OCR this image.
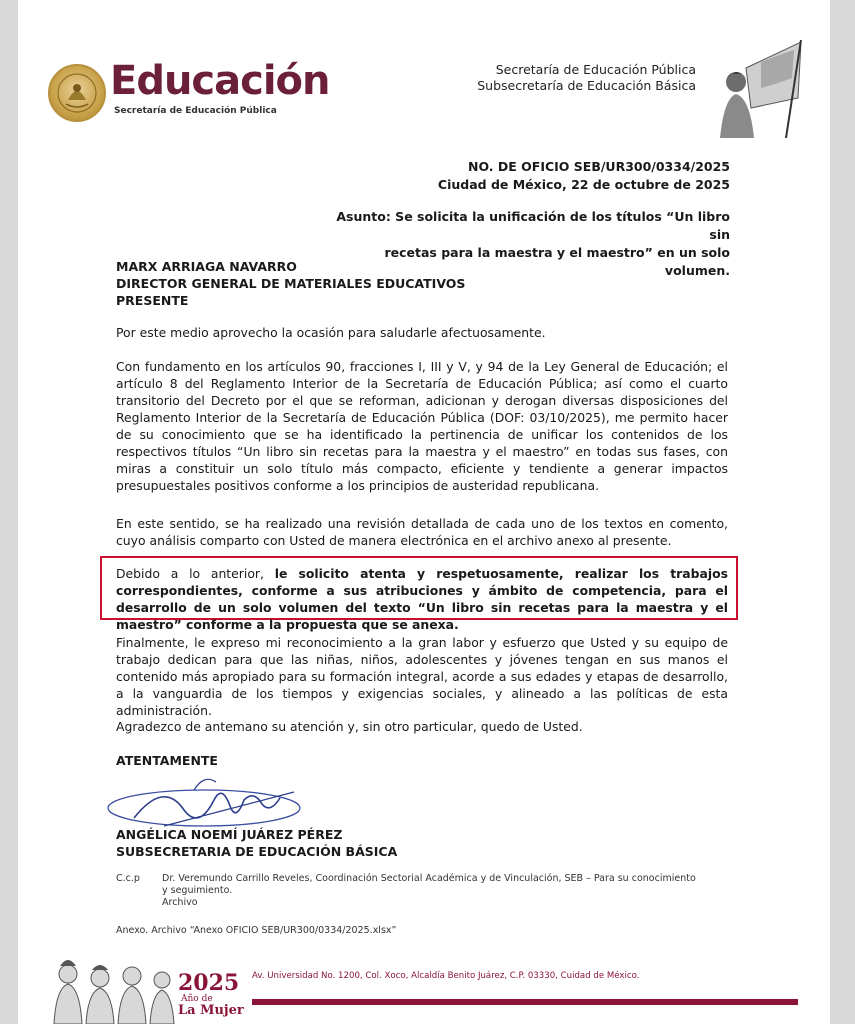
Educación
Secretaría de Educación Pública
Secretaría de Educación Pública
Subsecretaría de Educación Básica
NO. DE OFICIO SEB/UR300/0334/2025
Ciudad de México, 22 de octubre de 2025
Asunto: Se solicita la unificación de los títulos “Un libro sin
recetas para la maestra y el maestro” en un solo volumen.
MARX ARRIAGA NAVARRO
DIRECTOR GENERAL DE MATERIALES EDUCATIVOS
PRESENTE
Por este medio aprovecho la ocasión para saludarle afectuosamente.
Con fundamento en los artículos 90, fracciones I, III y V, y 94 de la Ley General de Educación; el artículo 8 del Reglamento Interior de la Secretaría de Educación Pública; así como el cuarto transitorio del Decreto por el que se reforman, adicionan y derogan diversas disposiciones del Reglamento Interior de la Secretaría de Educación Pública (DOF: 03/10/2025), me permito hacer de su conocimiento que se ha identificado la pertinencia de unificar los contenidos de los respectivos títulos “Un libro sin recetas para la maestra y el maestro” en todas sus fases, con miras a constituir un solo título más compacto, eficiente y tendiente a generar impactos presupuestales positivos conforme a los principios de austeridad republicana.
En este sentido, se ha realizado una revisión detallada de cada uno de los textos en comento, cuyo análisis comparto con Usted de manera electrónica en el archivo anexo al presente.
Debido a lo anterior, le solicito atenta y respetuosamente, realizar los trabajos correspondientes, conforme a sus atribuciones y ámbito de competencia, para el desarrollo de un solo volumen del texto “Un libro sin recetas para la maestra y el maestro” conforme a la propuesta que se anexa.
Finalmente, le expreso mi reconocimiento a la gran labor y esfuerzo que Usted y su equipo de trabajo dedican para que las niñas, niños, adolescentes y jóvenes tengan en sus manos el contenido más apropiado para su formación integral, acorde a sus edades y etapas de desarrollo, a la vanguardia de los tiempos y exigencias sociales, y alineado a las políticas de esta administración.
Agradezco de antemano su atención y, sin otro particular, quedo de Usted.
ATENTAMENTE
ANGÉLICA NOEMÍ JUÁREZ PÉREZ
SUBSECRETARIA DE EDUCACIÓN BÁSICA
C.c.p Dr. Veremundo Carrillo Reveles, Coordinación Sectorial Académica y de Vinculación, SEB – Para su conocimiento y seguimiento.
Archivo
Anexo. Archivo “Anexo OFICIO SEB/UR300/0334/2025.xlsx”
2025
Año de
La Mujer
Av. Universidad No. 1200, Col. Xoco, Alcaldía Benito Juárez, C.P. 03330, Cuidad de México.
